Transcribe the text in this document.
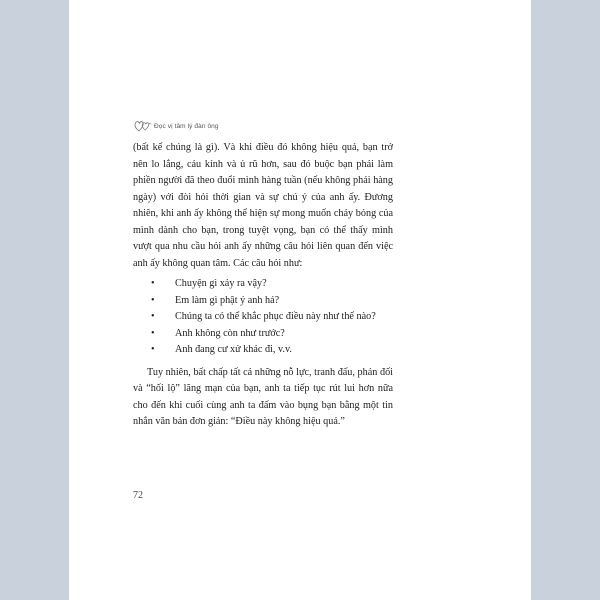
Đọc vị tâm lý đàn ông

(bất kể chúng là gì). Và khi điều đó không hiệu quả, bạn trở nên lo lắng, cáu kỉnh và ủ rũ hơn, sau đó buộc bạn phải làm phiền người đã theo đuổi mình hàng tuần (nếu không phải hàng ngày) với đòi hỏi thời gian và sự chú ý của anh ấy. Đương nhiên, khi anh ấy không thể hiện sự mong muốn cháy bỏng của mình dành cho bạn, trong tuyệt vọng, bạn có thể thấy mình vượt qua nhu cầu hỏi anh ấy những câu hỏi liên quan đến việc anh ấy không quan tâm. Các câu hỏi như:

• Chuyện gì xảy ra vậy?
• Em làm gì phật ý anh hả?
• Chúng ta có thể khắc phục điều này như thế nào?
• Anh không còn như trước?
• Anh đang cư xử khác đi, v.v.

Tuy nhiên, bất chấp tất cả những nỗ lực, tranh đấu, phản đối và “hối lộ” lãng mạn của bạn, anh ta tiếp tục rút lui hơn nữa cho đến khi cuối cùng anh ta đấm vào bụng bạn bằng một tin nhắn văn bản đơn giản: “Điều này không hiệu quả.”

72
